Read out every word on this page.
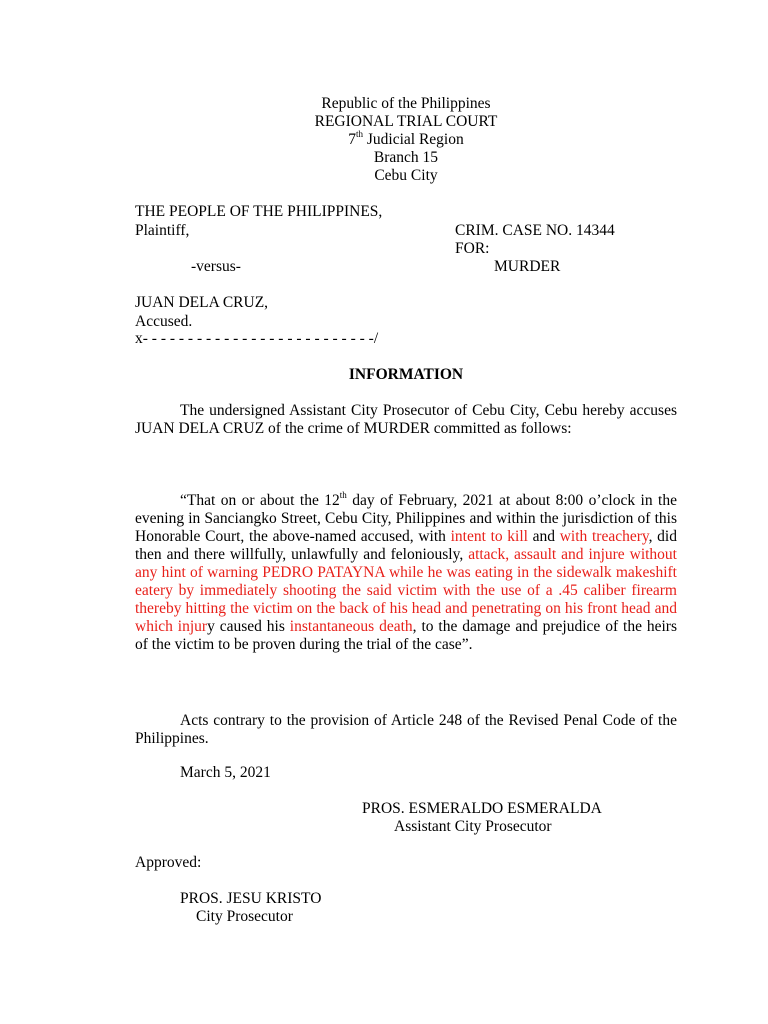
Republic of the Philippines
REGIONAL TRIAL COURT
7th Judicial Region
Branch 15
Cebu City
THE PEOPLE OF THE PHILIPPINES,
Plaintiff,
-versus-
JUAN DELA CRUZ,
Accused.
x- - - - - - - - - - - - - - - - - - - - - - - - - -/
CRIM. CASE NO. 14344
FOR:
MURDER
INFORMATION
The undersigned Assistant City Prosecutor of Cebu City, Cebu hereby accuses JUAN DELA CRUZ of the crime of MURDER committed as follows:
“That on or about the 12th day of February, 2021 at about 8:00 o’clock in the evening in Sanciangko Street, Cebu City, Philippines and within the jurisdiction of this Honorable Court, the above-named accused, with intent to kill and with treachery, did then and there willfully, unlawfully and feloniously, attack, assault and injure without any hint of warning PEDRO PATAYNA while he was eating in the sidewalk makeshift eatery by immediately shooting the said victim with the use of a .45 caliber firearm thereby hitting the victim on the back of his head and penetrating on his front head and which injury caused his instantaneous death, to the damage and prejudice of the heirs of the victim to be proven during the trial of the case”.
Acts contrary to the provision of Article 248 of the Revised Penal Code of the Philippines.
March 5, 2021
PROS. ESMERALDO ESMERALDA
Assistant City Prosecutor
Approved:
PROS. JESU KRISTO
City Prosecutor
